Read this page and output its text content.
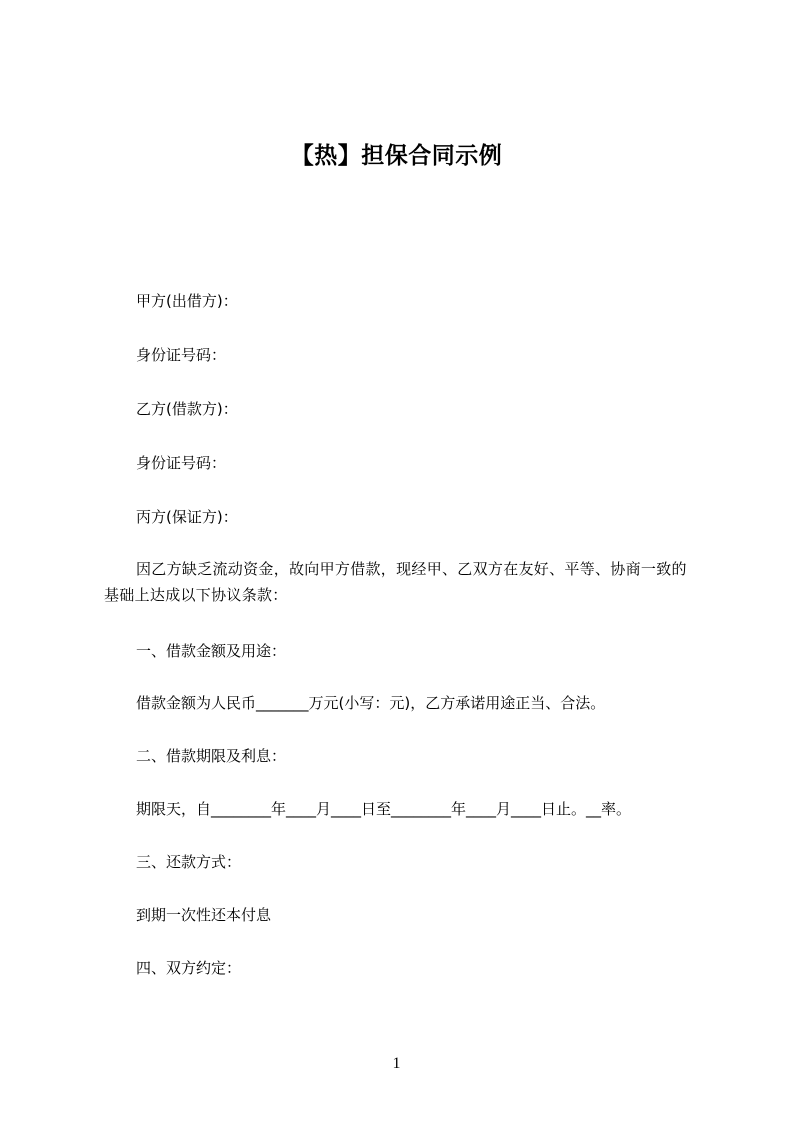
【热】担保合同示例
甲方(出借方)：
身份证号码：
乙方(借款方)：
身份证号码：
丙方(保证方)：
因乙方缺乏流动资金，故向甲方借款，现经甲、乙双方在友好、平等、协商一致的基础上达成以下协议条款：
一、借款金额及用途：
借款金额为人民币_______万元(小写：元)，乙方承诺用途正当、合法。
二、借款期限及利息：
期限天，自________年____月____日至________年____月____日止。__率。
三、还款方式：
到期一次性还本付息
四、双方约定：
1
